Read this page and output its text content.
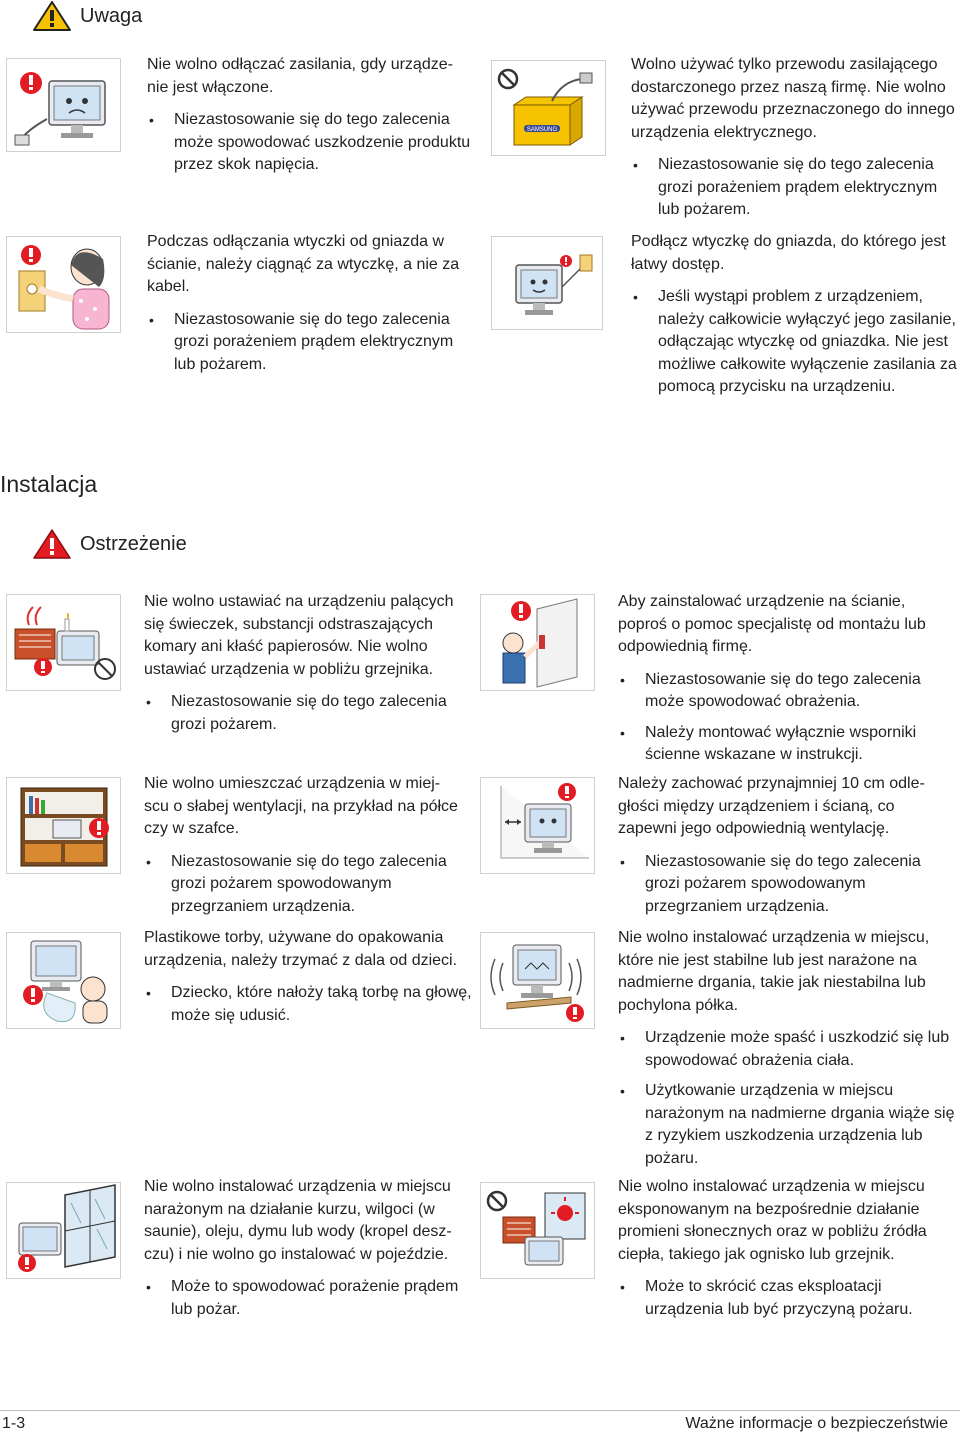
Uwaga
SAMSUNG

Nie wolno odłączać zasilania, gdy urządze-
nie jest włączone.

• Niezastosowanie się do tego zalecenia może spowodować uszkodzenie produktu przez skok napięcia.

Wolno używać tylko przewodu zasilającego dostarczonego przez naszą firmę. Nie wolno używać przewodu przeznaczonego do innego urządzenia elektrycznego.

• Niezastosowanie się do tego zalecenia grozi porażeniem prądem elektrycznym lub pożarem.

Podczas odłączania wtyczki od gniazda w ścianie, należy ciągnąć za wtyczkę, a nie za kabel.

• Niezastosowanie się do tego zalecenia grozi porażeniem prądem elektrycznym lub pożarem.

Podłącz wtyczkę do gniazda, do którego jest łatwy dostęp.

• Jeśli wystąpi problem z urządzeniem, należy całkowicie wyłączyć jego zasilanie, odłączając wtyczkę od gniazdka. Nie jest możliwe całkowite wyłączenie zasilania za pomocą przycisku na urządzeniu.
Instalacja
Ostrzeżenie

Nie wolno ustawiać na urządzeniu palących się świeczek, substancji odstraszających komary ani kłaść papierosów. Nie wolno ustawiać urządzenia w pobliżu grzejnika.

• Niezastosowanie się do tego zalecenia grozi pożarem.

Aby zainstalować urządzenie na ścianie, poproś o pomoc specjalistę od montażu lub odpowiednią firmę.

• Niezastosowanie się do tego zalecenia może spowodować obrażenia.
• Należy montować wyłącznie wsporniki ścienne wskazane w instrukcji.

Nie wolno umieszczać urządzenia w miej-
scu o słabej wentylacji, na przykład na półce czy w szafce.

• Niezastosowanie się do tego zalecenia grozi pożarem spowodowanym przegrzaniem urządzenia.

Należy zachować przynajmniej 10 cm odle-
głości między urządzeniem i ścianą, co zapewni jego odpowiednią wentylację.

• Niezastosowanie się do tego zalecenia grozi pożarem spowodowanym przegrzaniem urządzenia.

Plastikowe torby, używane do opakowania urządzenia, należy trzymać z dala od dzieci.

• Dziecko, które nałoży taką torbę na głowę, może się udusić.

Nie wolno instalować urządzenia w miejscu, które nie jest stabilne lub jest narażone na nadmierne drgania, takie jak niestabilna lub pochylona półka.

• Urządzenie może spaść i uszkodzić się lub spowodować obrażenia ciała.
• Użytkowanie urządzenia w miejscu narażonym na nadmierne drgania wiąże się z ryzykiem uszkodzenia urządzenia lub pożaru.

Nie wolno instalować urządzenia w miejscu narażonym na działanie kurzu, wilgoci (w saunie), oleju, dymu lub wody (kropel desz-
czu) i nie wolno go instalować w pojeździe.

• Może to spowodować porażenie prądem lub pożar.

Nie wolno instalować urządzenia w miejscu eksponowanym na bezpośrednie działanie promieni słonecznych oraz w pobliżu źródła ciepła, takiego jak ognisko lub grzejnik.

• Może to skrócić czas eksploatacji urządzenia lub być przyczyną pożaru.
1-3	Ważne informacje o bezpieczeństwie
